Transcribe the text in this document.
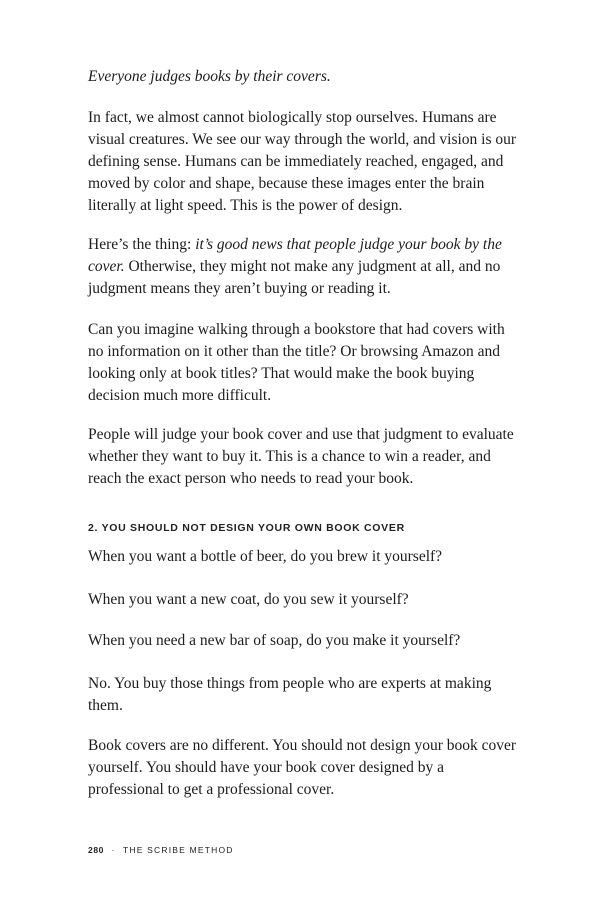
Everyone judges books by their covers.

In fact, we almost cannot biologically stop ourselves. Humans are visual creatures. We see our way through the world, and vision is our defining sense. Humans can be immediately reached, engaged, and moved by color and shape, because these images enter the brain literally at light speed. This is the power of design.

Here’s the thing: it’s good news that people judge your book by the cover. Otherwise, they might not make any judgment at all, and no judgment means they aren’t buying or reading it.

Can you imagine walking through a bookstore that had covers with no information on it other than the title? Or browsing Amazon and looking only at book titles? That would make the book buying decision much more difficult.

People will judge your book cover and use that judgment to evaluate whether they want to buy it. This is a chance to win a reader, and reach the exact person who needs to read your book.

2. YOU SHOULD NOT DESIGN YOUR OWN BOOK COVER

When you want a bottle of beer, do you brew it yourself?

When you want a new coat, do you sew it yourself?

When you need a new bar of soap, do you make it yourself?

No. You buy those things from people who are experts at making them.

Book covers are no different. You should not design your book cover yourself. You should have your book cover designed by a professional to get a professional cover.

280 · THE SCRIBE METHOD
